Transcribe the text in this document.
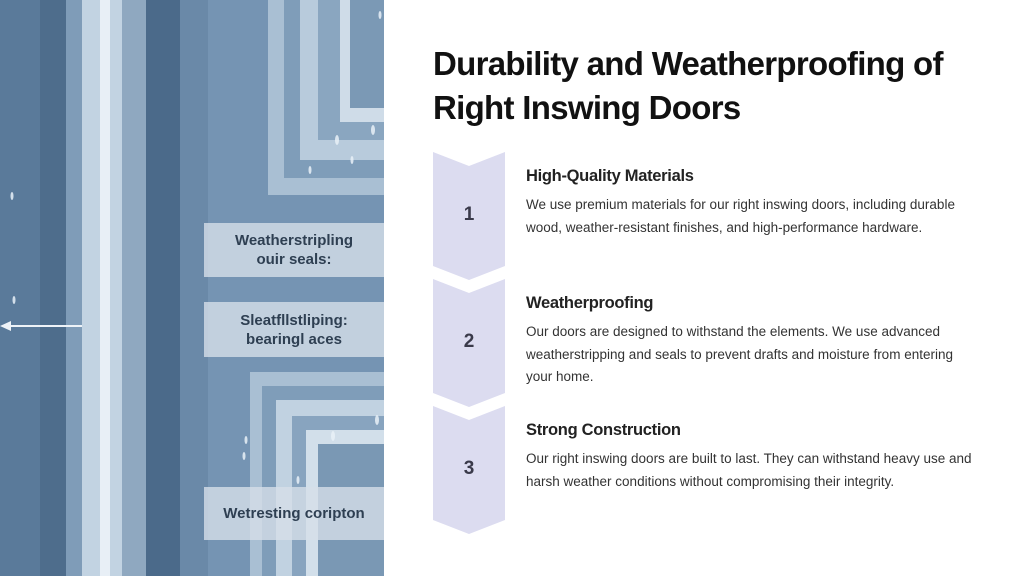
Weatherstripling
ouir seals:
Sleatfllstliping:
bearingl aces
Wetresting coripton
Durability and Weatherproofing of
Right Inswing Doors
1
High-Quality Materials
We use premium materials for our right inswing doors, including durable wood, weather-resistant finishes, and high-performance hardware.
2
Weatherproofing
Our doors are designed to withstand the elements. We use advanced weatherstripping and seals to prevent drafts and moisture from entering your home.
3
Strong Construction
Our right inswing doors are built to last. They can withstand heavy use and harsh weather conditions without compromising their integrity.
